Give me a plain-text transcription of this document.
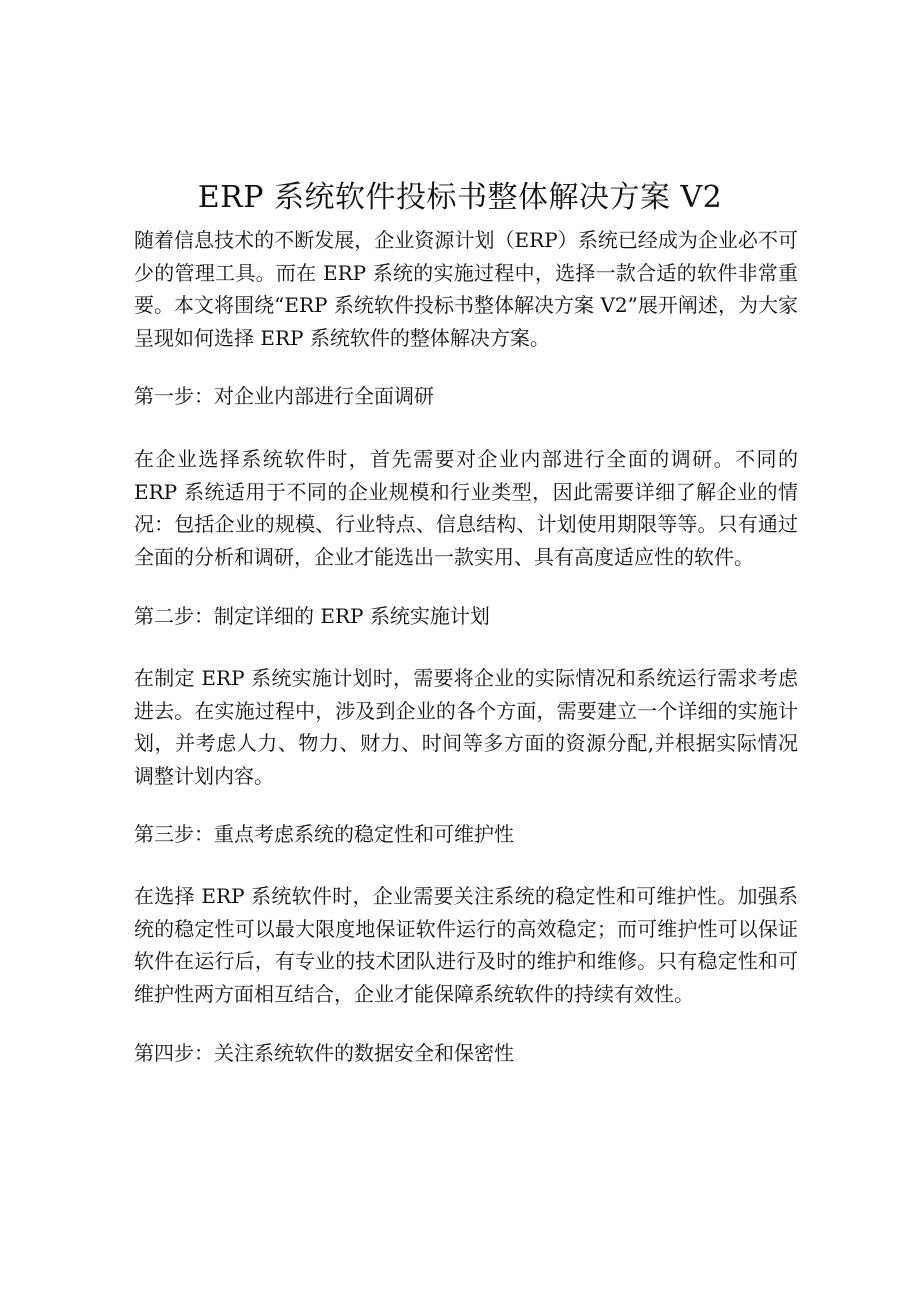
ERP 系统软件投标书整体解决方案 V2
随着信息技术的不断发展，企业资源计划（ERP）系统已经成为企业必不可少的管理工具。而在 ERP 系统的实施过程中，选择一款合适的软件非常重要。本文将围绕“ERP 系统软件投标书整体解决方案 V2”展开阐述，为大家呈现如何选择 ERP 系统软件的整体解决方案。
第一步：对企业内部进行全面调研
在企业选择系统软件时，首先需要对企业内部进行全面的调研。不同的 ERP 系统适用于不同的企业规模和行业类型，因此需要详细了解企业的情况：包括企业的规模、行业特点、信息结构、计划使用期限等等。只有通过全面的分析和调研，企业才能选出一款实用、具有高度适应性的软件。
第二步：制定详细的 ERP 系统实施计划
在制定 ERP 系统实施计划时，需要将企业的实际情况和系统运行需求考虑进去。在实施过程中，涉及到企业的各个方面，需要建立一个详细的实施计划，并考虑人力、物力、财力、时间等多方面的资源分配,并根据实际情况调整计划内容。
第三步：重点考虑系统的稳定性和可维护性
在选择 ERP 系统软件时，企业需要关注系统的稳定性和可维护性。加强系统的稳定性可以最大限度地保证软件运行的高效稳定；而可维护性可以保证软件在运行后，有专业的技术团队进行及时的维护和维修。只有稳定性和可维护性两方面相互结合，企业才能保障系统软件的持续有效性。
第四步：关注系统软件的数据安全和保密性
